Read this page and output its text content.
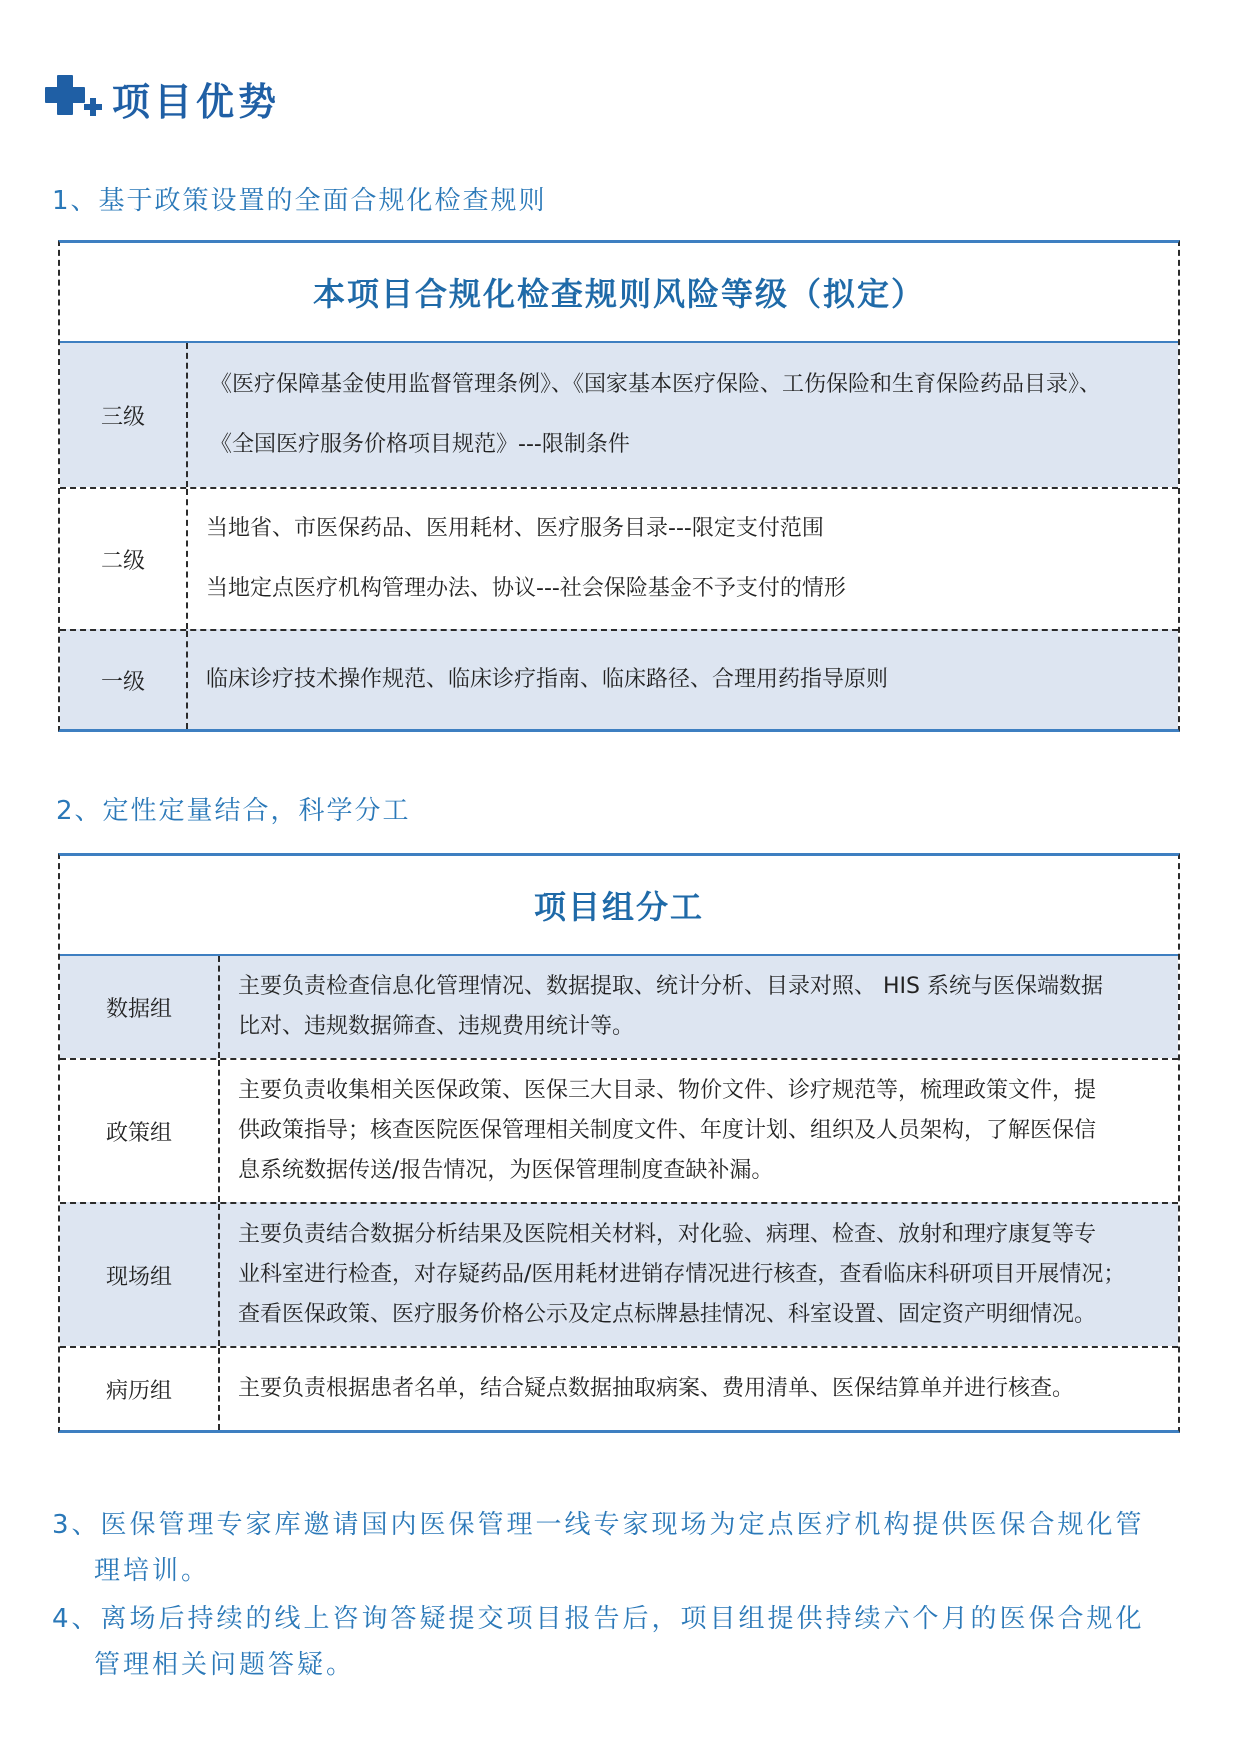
项目优势
1、基于政策设置的全面合规化检查规则
本项目合规化检查规则风险等级（拟定）
三级
《医疗保障基金使用监督管理条例》、《国家基本医疗保险、工伤保险和生育保险药品目录》、
《全国医疗服务价格项目规范》---限制条件
二级
当地省、市医保药品、医用耗材、医疗服务目录---限定支付范围
当地定点医疗机构管理办法、协议---社会保险基金不予支付的情形
一级	临床诊疗技术操作规范、临床诊疗指南、临床路径、合理用药指导原则
2、定性定量结合，科学分工
项目组分工
数据组
主要负责检查信息化管理情况、数据提取、统计分析、目录对照、 HIS 系统与医保端数据
比对、违规数据筛查、违规费用统计等。
政策组
主要负责收集相关医保政策、医保三大目录、物价文件、诊疗规范等，梳理政策文件，提
供政策指导；核查医院医保管理相关制度文件、年度计划、组织及人员架构，了解医保信
息系统数据传送/报告情况，为医保管理制度查缺补漏。
现场组
主要负责结合数据分析结果及医院相关材料，对化验、病理、检查、放射和理疗康复等专
业科室进行检查，对存疑药品/医用耗材进销存情况进行核查，查看临床科研项目开展情况；
查看医保政策、医疗服务价格公示及定点标牌悬挂情况、科室设置、固定资产明细情况。
病历组	主要负责根据患者名单，结合疑点数据抽取病案、费用清单、医保结算单并进行核查。
3、医保管理专家库邀请国内医保管理一线专家现场为定点医疗机构提供医保合规化管
理培训。
4、离场后持续的线上咨询答疑提交项目报告后，项目组提供持续六个月的医保合规化
管理相关问题答疑。
